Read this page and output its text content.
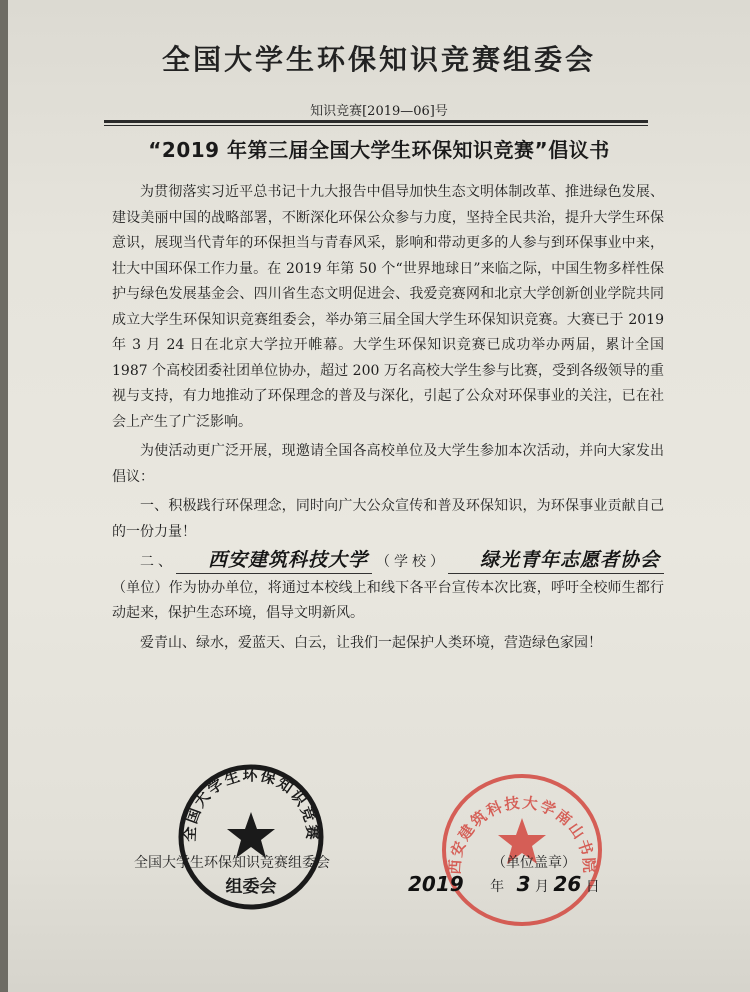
全国大学生环保知识竞赛组委会
知识竞赛[2019—06]号
“2019 年第三届全国大学生环保知识竞赛”倡议书

为贯彻落实习近平总书记十九大报告中倡导加快生态文明体制改革、推进绿色发展、建设美丽中国的战略部署，不断深化环保公众参与力度，坚持全民共治，提升大学生环保意识，展现当代青年的环保担当与青春风采，影响和带动更多的人参与到环保事业中来，壮大中国环保工作力量。在 2019 年第 50 个“世界地球日”来临之际，中国生物多样性保护与绿色发展基金会、四川省生态文明促进会、我爱竞赛网和北京大学创新创业学院共同成立大学生环保知识竞赛组委会，举办第三届全国大学生环保知识竞赛。大赛已于 2019 年 3 月 24 日在北京大学拉开帷幕。大学生环保知识竞赛已成功举办两届，累计全国 1987 个高校团委社团单位协办，超过 200 万名高校大学生参与比赛，受到各级领导的重视与支持，有力地推动了环保理念的普及与深化，引起了公众对环保事业的关注，已在社会上产生了广泛影响。

为使活动更广泛开展，现邀请全国各高校单位及大学生参加本次活动，并向大家发出倡议：

一、积极践行环保理念，同时向广大公众宣传和普及环保知识，为环保事业贡献自己的一份力量！

二、 西安建筑科技大学 （学校） 绿光青年志愿者协会（单位）作为协办单位，将通过本校线上和线下各平台宣传本次比赛，呼吁全校师生都行动起来，保护生态环境，倡导文明新风。

爱青山、绿水，爱蓝天、白云，让我们一起保护人类环境，营造绿色家园！

全国大学生环保知识竞赛
组委会
西安建筑科技大学南山书院
全国大学生环保知识竞赛组委会	（单位盖章）
2019 年 3 月 26 日
